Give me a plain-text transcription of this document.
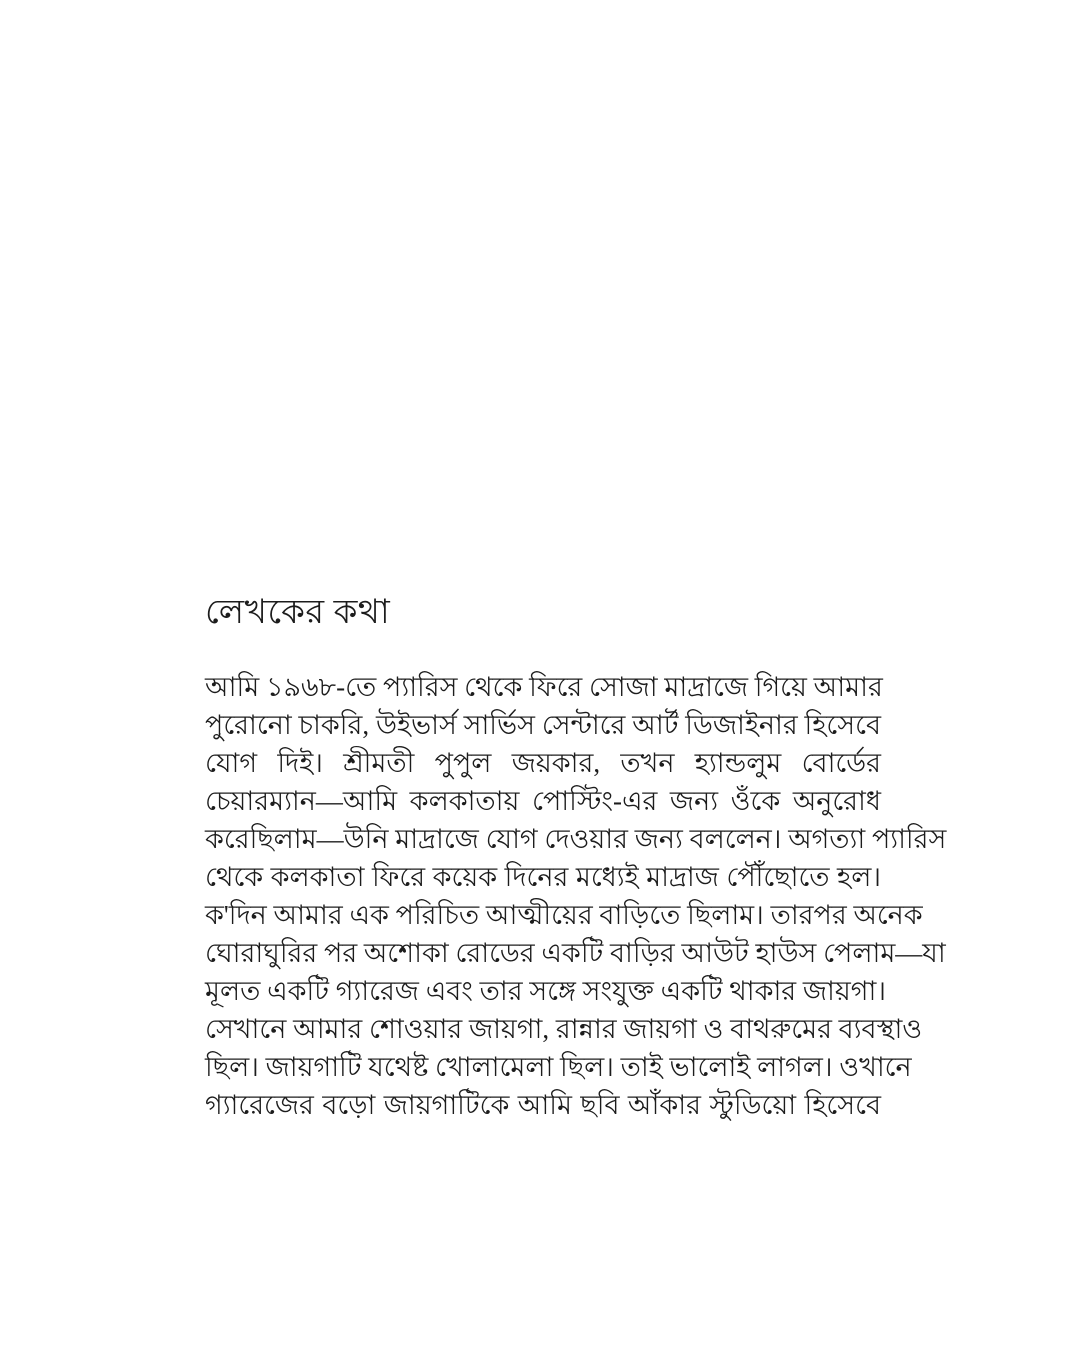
লেখকের কথা
আমি ১৯৬৮-তে প্যারিস থেকে ফিরে সোজা মাদ্রাজে গিয়ে আমার
পুরোনো চাকরি, উইভার্স সার্ভিস সেন্টারে আর্ট ডিজাইনার হিসেবে
যোগ দিই। শ্রীমতী পুপুল জয়কার, তখন হ্যান্ডলুম বোর্ডের
চেয়ারম্যান—আমি কলকাতায় পোস্টিং-এর জন্য ওঁকে অনুরোধ
করেছিলাম—উনি মাদ্রাজে যোগ দেওয়ার জন্য বললেন। অগত্যা প্যারিস
থেকে কলকাতা ফিরে কয়েক দিনের মধ্যেই মাদ্রাজ পৌঁছোতে হল।
ক'দিন আমার এক পরিচিত আত্মীয়ের বাড়িতে ছিলাম। তারপর অনেক
ঘোরাঘুরির পর অশোকা রোডের একটি বাড়ির আউট হাউস পেলাম—যা
মূলত একটি গ্যারেজ এবং তার সঙ্গে সংযুক্ত একটি থাকার জায়গা।
সেখানে আমার শোওয়ার জায়গা, রান্নার জায়গা ও বাথরুমের ব্যবস্থাও
ছিল। জায়গাটি যথেষ্ট খোলামেলা ছিল। তাই ভালোই লাগল। ওখানে
গ্যারেজের বড়ো জায়গাটিকে আমি ছবি আঁকার স্টুডিয়ো হিসেবে
